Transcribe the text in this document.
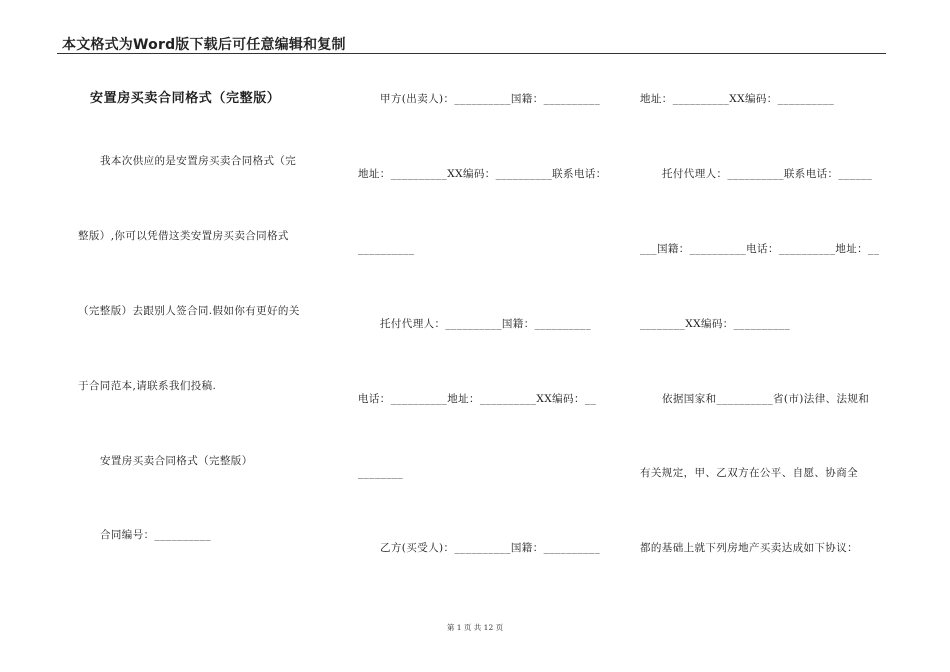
本文格式为Word版下载后可任意编辑和复制
安置房买卖合同格式（完整版）
我本次供应的是安置房买卖合同格式（完
整版）,你可以凭借这类安置房买卖合同格式
（完整版）去跟别人签合同.假如你有更好的关
于合同范本,请联系我们投稿.
安置房买卖合同格式（完整版）
合同编号：__________
甲方(出卖人)：__________国籍：__________
地址：__________XX编码：__________联系电话：
__________
托付代理人：__________国籍：__________
电话：__________地址：__________XX编码：__
________
乙方(买受人)：__________国籍：__________
地址：__________XX编码：__________
托付代理人：__________联系电话：______
___国籍：__________电话：__________地址：__
________XX编码：__________
依据国家和__________省(市)法律、法规和
有关规定，甲、乙双方在公平、自愿、协商全
都的基础上就下列房地产买卖达成如下协议：
第 1 页 共 12 页
